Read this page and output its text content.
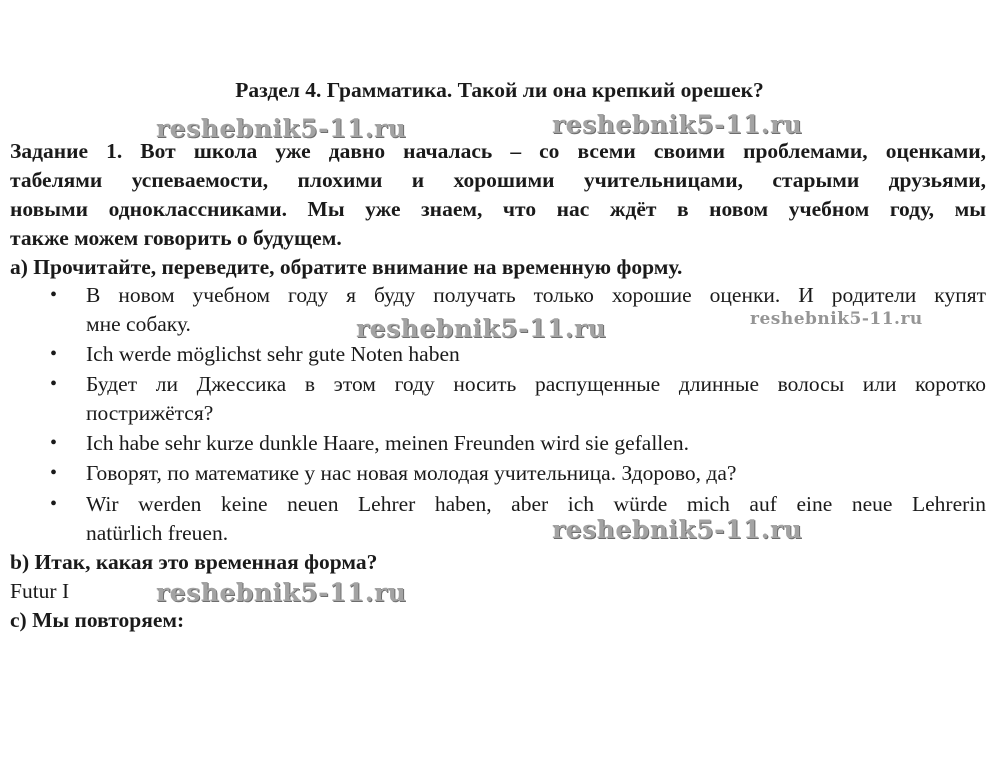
Раздел 4. Грамматика. Такой ли она крепкий орешек?
Задание 1. Вот школа уже давно началась – со всеми своими проблемами, оценками,
табелями успеваемости, плохими и хорошими учительницами, старыми друзьями,
новыми одноклассниками. Мы уже знаем, что нас ждёт в новом учебном году, мы
также можем говорить о будущем.
а) Прочитайте, переведите, обратите внимание на временную форму.
• В новом учебном году я буду получать только хорошие оценки. И родители купят
мне собаку.
• Ich werde möglichst sehr gute Noten haben
• Будет ли Джессика в этом году носить распущенные длинные волосы или коротко
пострижётся?
• Ich habe sehr kurze dunkle Haare, meinen Freunden wird sie gefallen.
• Говорят, по математике у нас новая молодая учительница. Здорово, да?
• Wir werden keine neuen Lehrer haben, aber ich würde mich auf eine neue Lehrerin
natürlich freuen.
b) Итак, какая это временная форма?
Futur I
с) Мы повторяем:
reshebnik5-11.ru	reshebnik5-11.ru
reshebnik5-11.ru	reshebnik5-11.ru
reshebnik5-11.ru
reshebnik5-11.ru
